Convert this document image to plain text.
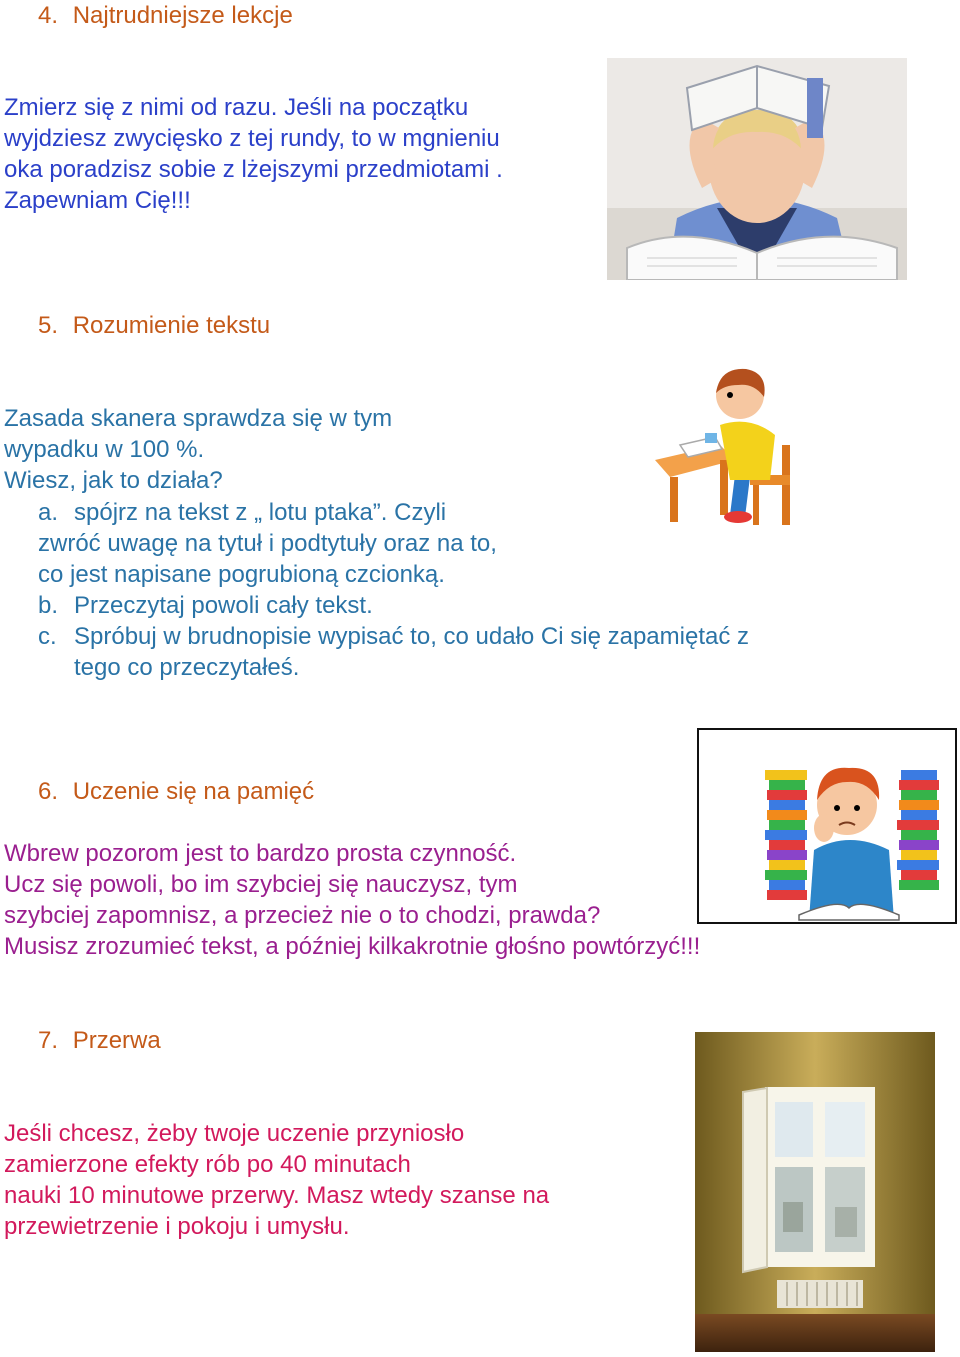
4. Najtrudniejsze lekcje

Zmierz się z nimi od razu. Jeśli na początku

wyjdziesz zwycięsko z tej rundy, to w mgnieniu

oka poradzisz sobie z lżejszymi przedmiotami .

Zapewniam Cię!!!

5. Rozumienie tekstu

Zasada skanera sprawdza się w tym

wypadku w 100 %.

Wiesz, jak to działa?

a. spójrz na tekst z „ lotu ptaka”. Czyli

zwróć uwagę na tytuł i podtytuły oraz na to,

co jest napisane pogrubioną czcionką.

b. Przeczytaj powoli cały tekst.

c. Spróbuj w brudnopisie wypisać to, co udało Ci się zapamiętać z

tego co przeczytałeś.

6. Uczenie się na pamięć

Wbrew pozorom jest to bardzo prosta czynność.

Ucz się powoli, bo im szybciej się nauczysz, tym

szybciej zapomnisz, a przecież nie o to chodzi, prawda?

Musisz zrozumieć tekst, a później kilkakrotnie głośno powtórzyć!!!

7. Przerwa

Jeśli chcesz, żeby twoje uczenie przyniosło

zamierzone efekty rób po 40 minutach

nauki 10 minutowe przerwy. Masz wtedy szanse na

przewietrzenie i pokoju i umysłu.
